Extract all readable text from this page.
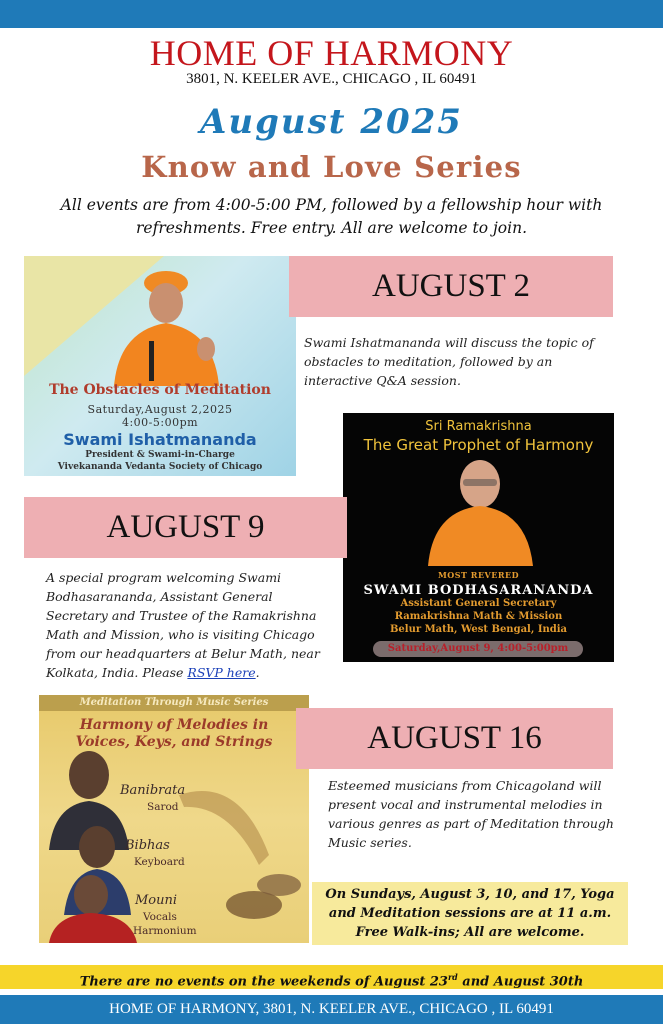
HOME OF HARMONY
3801, N. KEELER AVE., CHICAGO , IL 60491
August 2025
Know and Love Series
All events are from 4:00-5:00 PM, followed by a fellowship hour with refreshments. Free entry. All are welcome to join.
The Obstacles of Meditation
Saturday,August 2,2025
4:00-5:00pm
Swami Ishatmananda
President & Swami-in-Charge
Vivekananda Vedanta Society of Chicago
AUGUST 2
Swami Ishatmananda will discuss the topic of obstacles to meditation, followed by an interactive Q&A session.
Sri Ramakrishna
The Great Prophet of Harmony
MOST REVERED
SWAMI BODHASARANANDA
Assistant General Secretary
Ramakrishna Math & Mission
Belur Math, West Bengal, India
Saturday,August 9, 4:00-5:00pm
AUGUST 9
A special program welcoming Swami Bodhasarananda, Assistant General Secretary and Trustee of the Ramakrishna Math and Mission, who is visiting Chicago from our headquarters at Belur Math, near Kolkata, India. Please RSVP here.
Meditation Through Music Series
Harmony of Melodies in
Voices, Keys, and Strings
Banibrata
Sarod
Bibhas
Keyboard
Mouni
Vocals
Harmonium
AUGUST 16
Esteemed musicians from Chicagoland will present vocal and instrumental melodies in various genres as part of Meditation through Music series.
On Sundays, August 3, 10, and 17, Yoga
and Meditation sessions are at 11 a.m.
Free Walk-ins; All are welcome.
There are no events on the weekends of August 23rd and August 30th
HOME OF HARMONY, 3801, N. KEELER AVE., CHICAGO , IL 60491
